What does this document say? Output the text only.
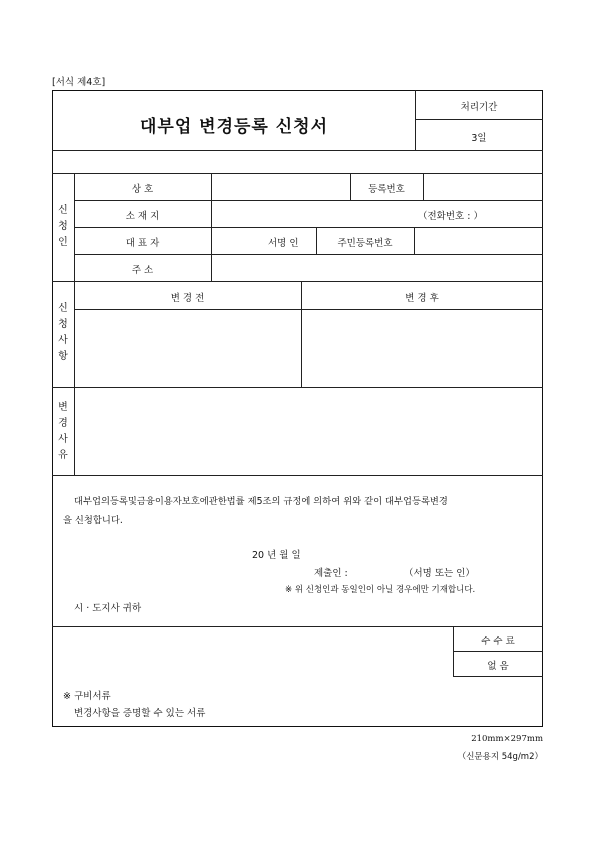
[서식 제4호]
대부업 변경등록 신청서
처리기간
3일
신
청
인
상 호	등록번호
소 재 지	（전화번호 : ）
대 표 자	서명 인	주민등록번호
주 소
신
청
사
항
변 경 전	변 경 후
변
경
사
유
대부업의등록및금융이용자보호에관한법률 제5조의 규정에 의하여 위와 같이 대부업등록변경
을 신청합니다.
20 년 월 일
제출인 :	（서명 또는 인）
※ 위 신청인과 동일인이 아닐 경우에만 기재합니다.
시 · 도지사 귀하
수 수 료
없 음
※ 구비서류
변경사항을 증명할 수 있는 서류
210mm×297mm
（신문용지 54g/m2）
